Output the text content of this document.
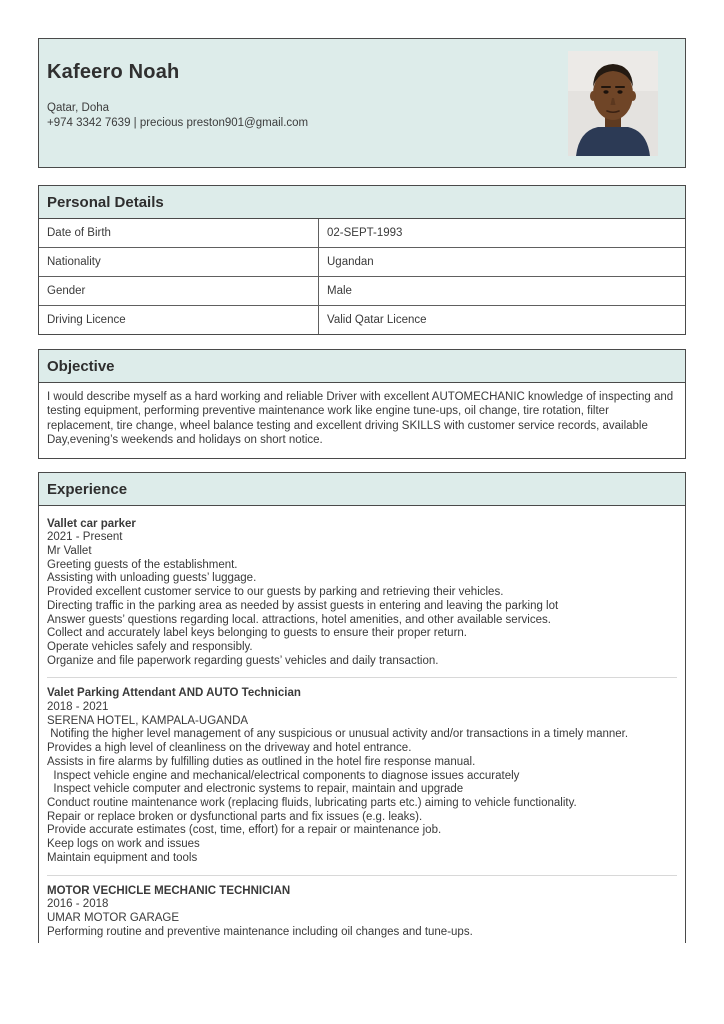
Kafeero Noah
Qatar, Doha
+974 3342 7639 | precious preston901@gmail.com
Personal Details
Date of Birth	02-SEPT-1993
Nationality	Ugandan
Gender	Male
Driving Licence	Valid Qatar Licence
Objective
I would describe myself as a hard working and reliable Driver with excellent AUTOMECHANIC knowledge of inspecting and testing equipment, performing preventive maintenance work like engine tune-ups, oil change, tire rotation, filter replacement, tire change, wheel balance testing and excellent driving SKILLS with customer service records, available Day,evening’s weekends and holidays on short notice.
Experience
Vallet car parker
2021 - Present
Mr Vallet
Greeting guests of the establishment.
Assisting with unloading guests’ luggage.
Provided excellent customer service to our guests by parking and retrieving their vehicles.
Directing traffic in the parking area as needed by assist guests in entering and leaving the parking lot
Answer guests’ questions regarding local. attractions, hotel amenities, and other available services.
Collect and accurately label keys belonging to guests to ensure their proper return.
Operate vehicles safely and responsibly.
Organize and file paperwork regarding guests’ vehicles and daily transaction.
Valet Parking Attendant AND AUTO Technician
2018 - 2021
SERENA HOTEL, KAMPALA-UGANDA
Notifing the higher level management of any suspicious or unusual activity and/or transactions in a timely manner.
Provides a high level of cleanliness on the driveway and hotel entrance.
Assists in fire alarms by fulfilling duties as outlined in the hotel fire response manual.
Inspect vehicle engine and mechanical/electrical components to diagnose issues accurately
Inspect vehicle computer and electronic systems to repair, maintain and upgrade
Conduct routine maintenance work (replacing fluids, lubricating parts etc.) aiming to vehicle functionality.
Repair or replace broken or dysfunctional parts and fix issues (e.g. leaks).
Provide accurate estimates (cost, time, effort) for a repair or maintenance job.
Keep logs on work and issues
Maintain equipment and tools
MOTOR VECHICLE MECHANIC TECHNICIAN
2016 - 2018
UMAR MOTOR GARAGE
Performing routine and preventive maintenance including oil changes and tune-ups.
